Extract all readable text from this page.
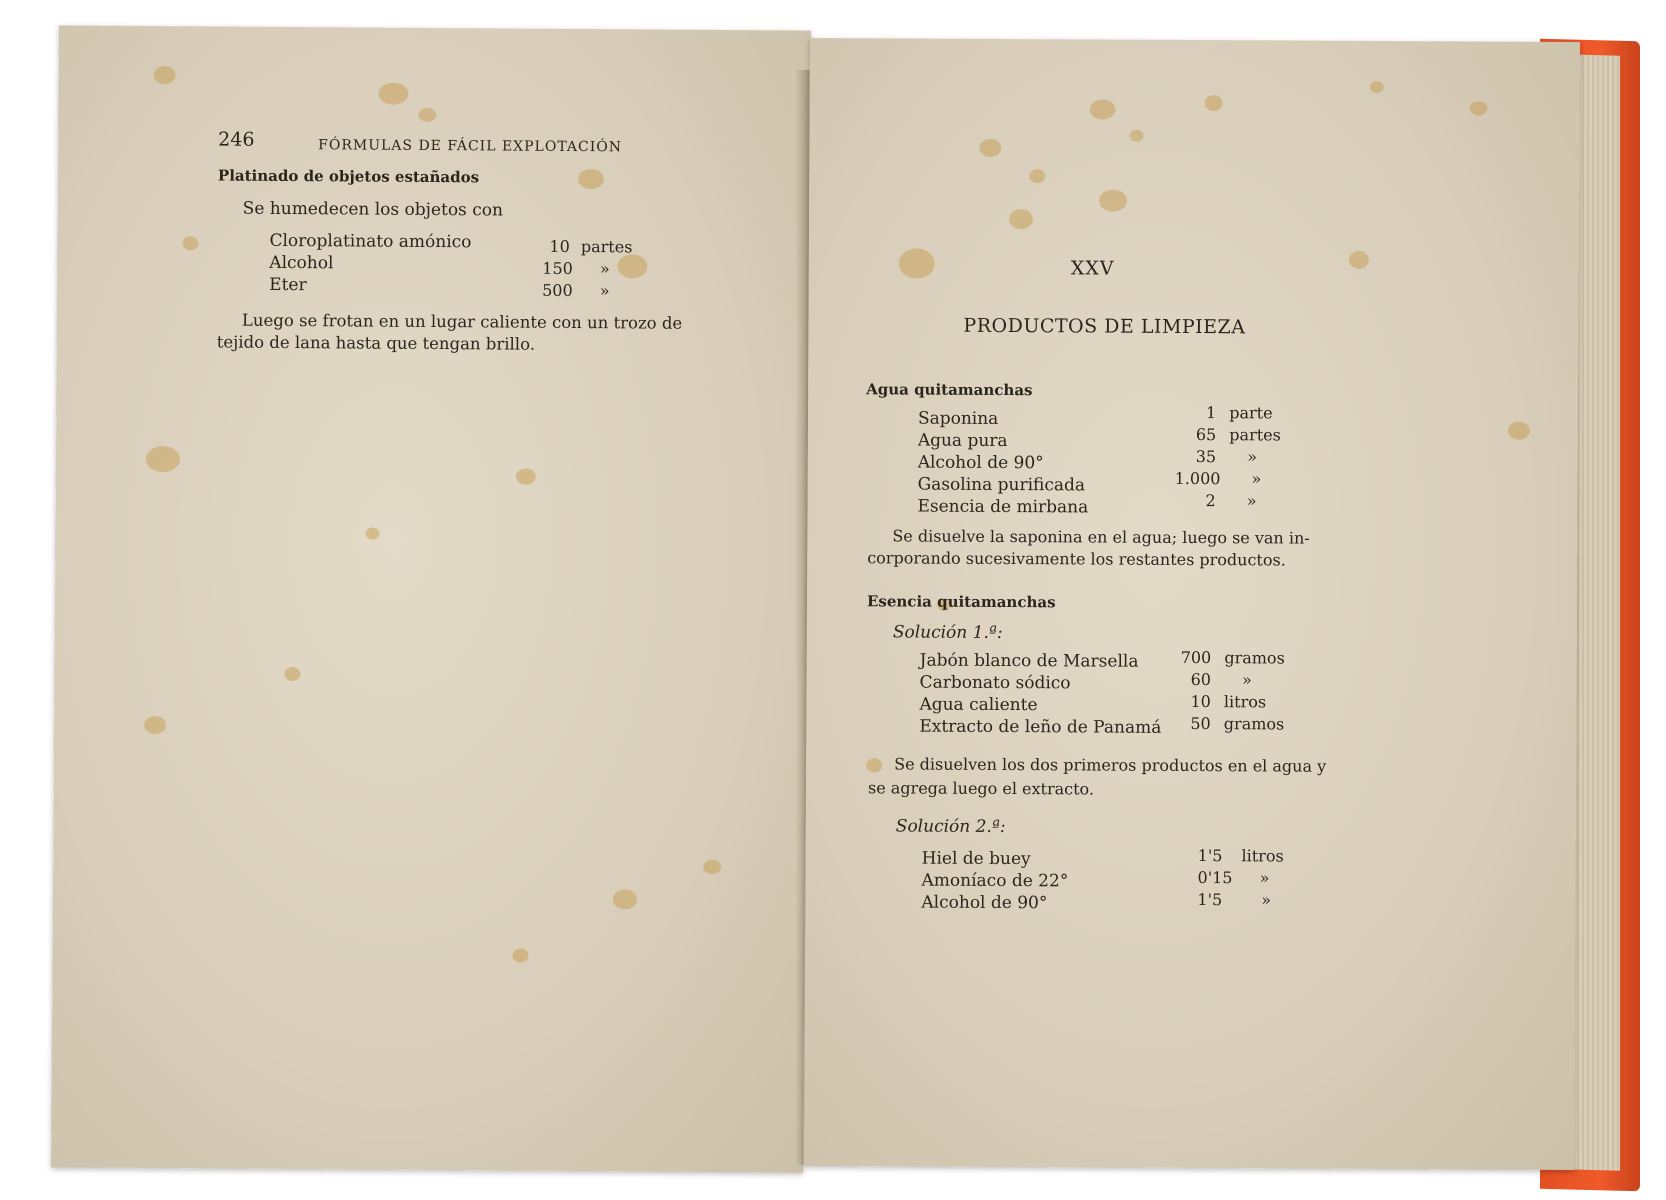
246	FÓRMULAS DE FÁCIL EXPLOTACIÓN
Platinado de objetos estañados
Se humedecen los objetos con
Cloroplatinato amónico	10 partes
Alcohol	150 »
Eter	500 »
Luego se frotan en un lugar caliente con un trozo de
tejido de lana hasta que tengan brillo.
XXV
PRODUCTOS DE LIMPIEZA
Agua quitamanchas
Saponina	1 parte
Agua pura	65 partes
Alcohol de 90°	35 »
Gasolina purificada	1.000 »
Esencia de mirbana	2 »
Se disuelve la saponina en el agua; luego se van in-
corporando sucesivamente los restantes productos.
Esencia quitamanchas
Solución 1.ª:
Jabón blanco de Marsella	700 gramos
Carbonato sódico	60 »
Agua caliente	10 litros
Extracto de leño de Panamá 50 gramos
Se disuelven los dos primeros productos en el agua y
se agrega luego el extracto.
Solución 2.ª:
Hiel de buey	1'5 litros
Amoníaco de 22°	0'15 »
Alcohol de 90°	1'5 »
